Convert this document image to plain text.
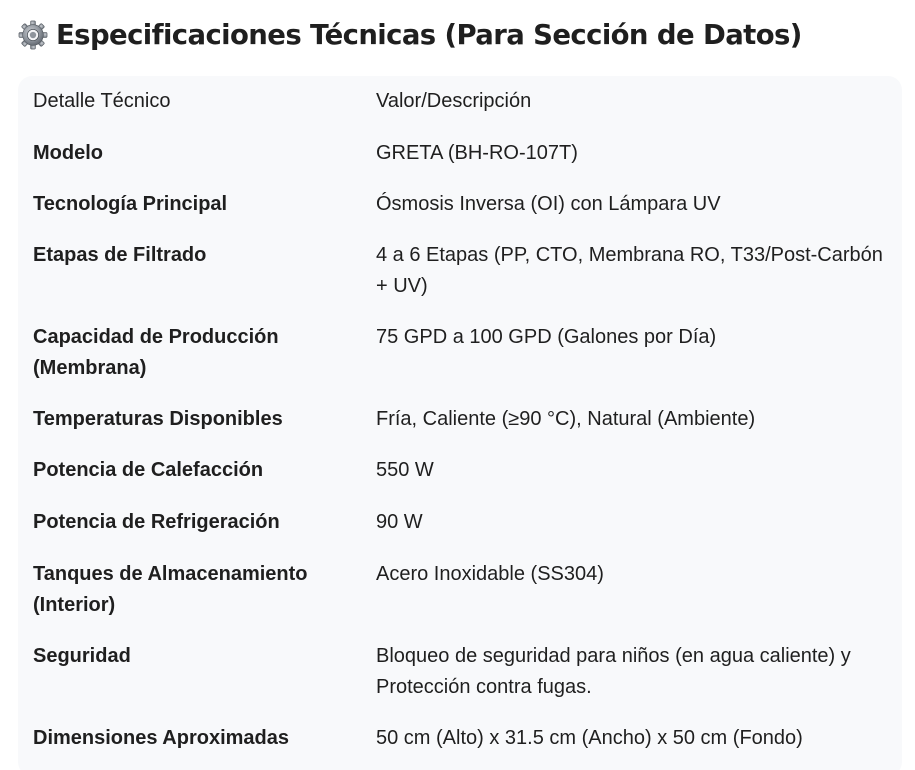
Especificaciones Técnicas (Para Sección de Datos)
Detalle Técnico	Valor/Descripción
Modelo	GRETA (BH-RO-107T)
Tecnología Principal	Ósmosis Inversa (OI) con Lámpara UV
Etapas de Filtrado	4 a 6 Etapas (PP, CTO, Membrana RO, T33/Post-Carbón + UV)
Capacidad de Producción (Membrana)	75 GPD a 100 GPD (Galones por Día)
Temperaturas Disponibles	Fría, Caliente (≥90 °C), Natural (Ambiente)
Potencia de Calefacción	550 W
Potencia de Refrigeración	90 W
Tanques de Almacenamiento (Interior)	Acero Inoxidable (SS304)
Seguridad	Bloqueo de seguridad para niños (en agua caliente) y Protección contra fugas.
Dimensiones Aproximadas	50 cm (Alto) x 31.5 cm (Ancho) x 50 cm (Fondo)
